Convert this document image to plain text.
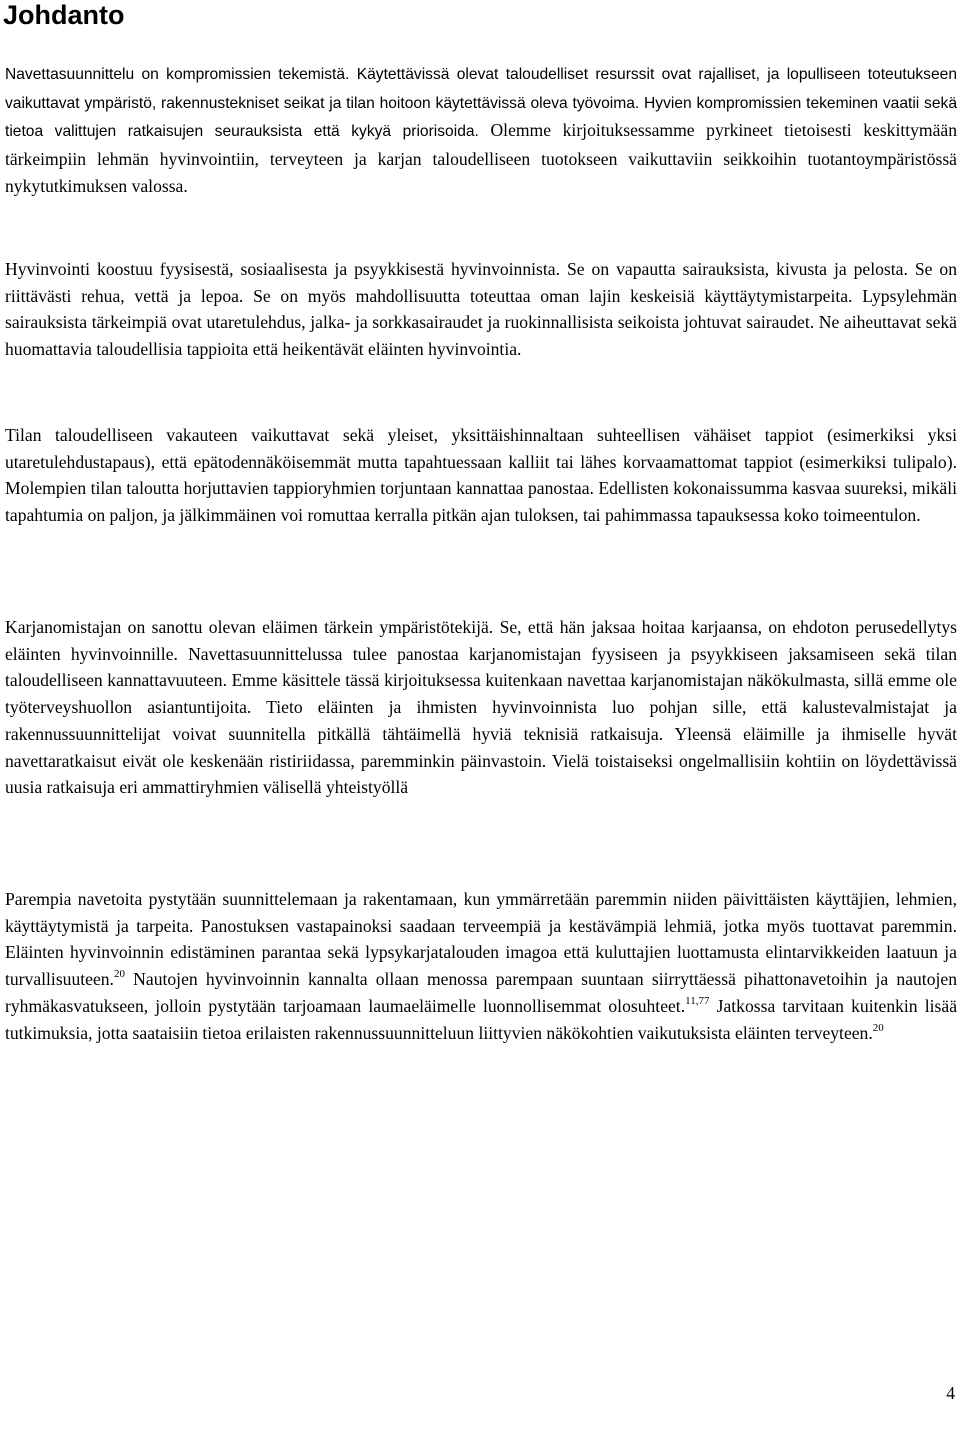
Johdanto

Navettasuunnittelu on kompromissien tekemistä. Käytettävissä olevat taloudelliset resurssit ovat rajalliset, ja lopulliseen toteutukseen vaikuttavat ympäristö, rakennustekniset seikat ja tilan hoitoon käytettävissä oleva työvoima. Hyvien kompromissien tekeminen vaatii sekä tietoa valittujen ratkaisujen seurauksista että kykyä priorisoida. Olemme kirjoituksessamme pyrkineet tietoisesti keskittymään tärkeimpiin lehmän hyvinvointiin, terveyteen ja karjan taloudelliseen tuotokseen vaikuttaviin seikkoihin tuotantoympäristössä nykytutkimuksen valossa.

Hyvinvointi koostuu fyysisestä, sosiaalisesta ja psyykkisestä hyvinvoinnista. Se on vapautta sairauksista, kivusta ja pelosta. Se on riittävästi rehua, vettä ja lepoa. Se on myös mahdollisuutta toteuttaa oman lajin keskeisiä käyttäytymistarpeita. Lypsylehmän sairauksista tärkeimpiä ovat utaretulehdus, jalka- ja sorkkasairaudet ja ruokinnallisista seikoista johtuvat sairaudet. Ne aiheuttavat sekä huomattavia taloudellisia tappioita että heikentävät eläinten hyvinvointia.

Tilan taloudelliseen vakauteen vaikuttavat sekä yleiset, yksittäishinnaltaan suhteellisen vähäiset tappiot (esimerkiksi yksi utaretulehdustapaus), että epätodennäköisemmät mutta tapahtuessaan kalliit tai lähes korvaamattomat tappiot (esimerkiksi tulipalo). Molempien tilan taloutta horjuttavien tappioryhmien torjuntaan kannattaa panostaa. Edellisten kokonaissumma kasvaa suureksi, mikäli tapahtumia on paljon, ja jälkimmäinen voi romuttaa kerralla pitkän ajan tuloksen, tai pahimmassa tapauksessa koko toimeentulon.

Karjanomistajan on sanottu olevan eläimen tärkein ympäristötekijä. Se, että hän jaksaa hoitaa karjaansa, on ehdoton perusedellytys eläinten hyvinvoinnille. Navettasuunnittelussa tulee panostaa karjanomistajan fyysiseen ja psyykkiseen jaksamiseen sekä tilan taloudelliseen kannattavuuteen. Emme käsittele tässä kirjoituksessa kuitenkaan navettaa karjanomistajan näkökulmasta, sillä emme ole työterveyshuollon asiantuntijoita. Tieto eläinten ja ihmisten hyvinvoinnista luo pohjan sille, että kalustevalmistajat ja rakennussuunnittelijat voivat suunnitella pitkällä tähtäimellä hyviä teknisiä ratkaisuja. Yleensä eläimille ja ihmiselle hyvät navettaratkaisut eivät ole keskenään ristiriidassa, paremminkin päinvastoin. Vielä toistaiseksi ongelmallisiin kohtiin on löydettävissä uusia ratkaisuja eri ammattiryhmien välisellä yhteistyöllä

Parempia navetoita pystytään suunnittelemaan ja rakentamaan, kun ymmärretään paremmin niiden päivittäisten käyttäjien, lehmien, käyttäytymistä ja tarpeita. Panostuksen vastapainoksi saadaan terveempiä ja kestävämpiä lehmiä, jotka myös tuottavat paremmin. Eläinten hyvinvoinnin edistäminen parantaa sekä lypsykarjatalouden imagoa että kuluttajien luottamusta elintarvikkeiden laatuun ja turvallisuuteen.$^{20}$ Nautojen hyvinvoinnin kannalta ollaan menossa parempaan suuntaan siirryttäessä pihattonavetoihin ja nautojen ryhmäkasvatukseen, jolloin pystytään tarjoamaan laumaeläimelle luonnollisemmat olosuhteet.$^{11,77}$ Jatkossa tarvitaan kuitenkin lisää tutkimuksia, jotta saataisiin tietoa erilaisten rakennussuunnitteluun liittyvien näkökohtien vaikutuksista eläinten terveyteen.$^{20}$

4
